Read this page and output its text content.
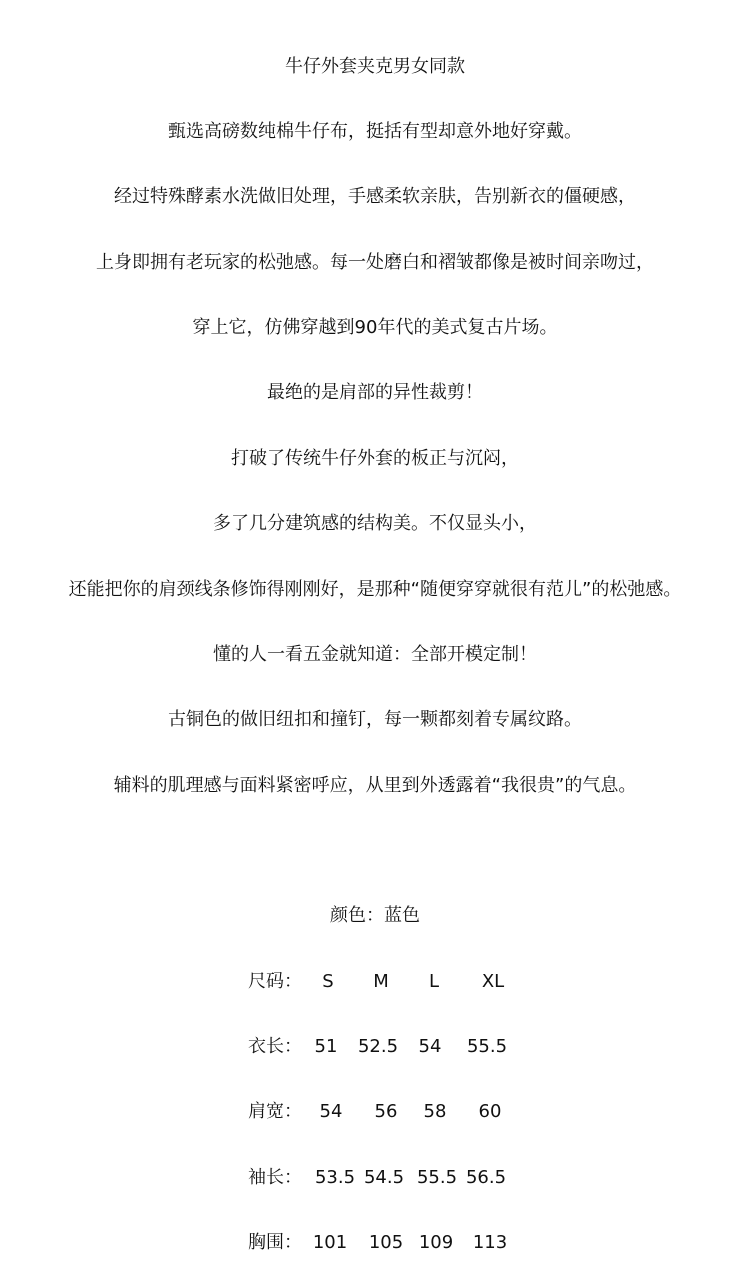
牛仔外套夹克男女同款
甄选高磅数纯棉牛仔布，挺括有型却意外地好穿戴。
经过特殊酵素水洗做旧处理，手感柔软亲肤，告别新衣的僵硬感，
上身即拥有老玩家的松弛感。每一处磨白和褶皱都像是被时间亲吻过，
穿上它，仿佛穿越到90年代的美式复古片场。
最绝的是肩部的异性裁剪！
打破了传统牛仔外套的板正与沉闷，
多了几分建筑感的结构美。不仅显头小，
还能把你的肩颈线条修饰得刚刚好，是那种“随便穿穿就很有范儿”的松弛感。
懂的人一看五金就知道：全部开模定制！
古铜色的做旧纽扣和撞钉，每一颗都刻着专属纹路。
辅料的肌理感与面料紧密呼应，从里到外透露着“我很贵”的气息。
颜色：蓝色
尺码： S M L XL
衣长： 51 52.5 54 55.5
肩宽： 54 56 58 60
袖长： 53.5 54.5 55.5 56.5
胸围： 101 105 109 113
